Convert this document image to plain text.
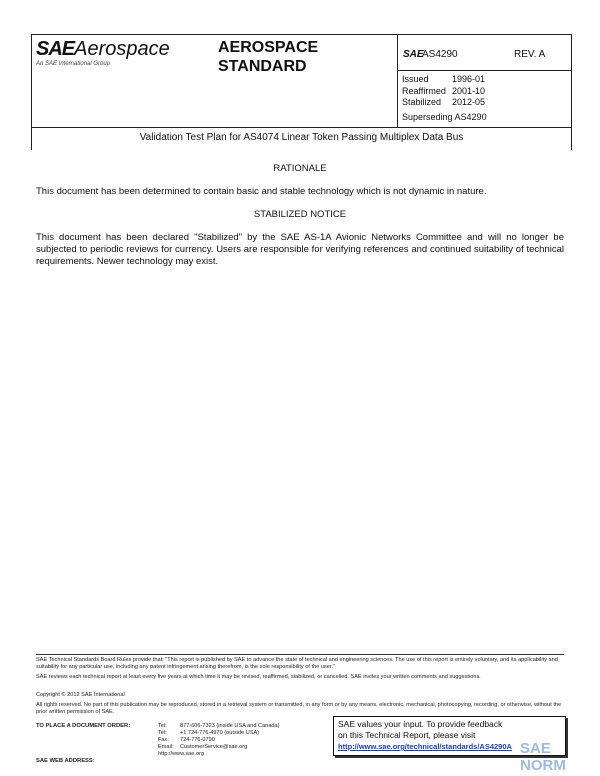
SAEAerospace
An SAE International Group
AEROSPACE
STANDARD
SAE
AS4290	REV. A
Issued	1996-01
Reaffirmed 2001-10
Stabilized 2012-05
Superseding AS4290
Validation Test Plan for AS4074 Linear Token Passing Multiplex Data Bus
RATIONALE
This document has been determined to contain basic and stable technology which is not dynamic in nature.
STABILIZED NOTICE
This document has been declared "Stabilized" by the SAE AS-1A Avionic Networks Committee and will no longer be subjected to periodic reviews for currency. Users are responsible for verifying references and continued suitability of technical requirements. Newer technology may exist.
SAE Technical Standards Board Rules provide that: "This report is published by SAE to advance the state of technical and engineering sciences. The use of this report is entirely voluntary, and its applicability and suitability for any particular use, including any patent infringement arising therefrom, is the sole responsibility of the user."
SAE reviews each technical report at least every five years at which time it may be revised, reaffirmed, stabilized, or cancelled. SAE invites your written comments and suggestions.
Copyright © 2012 SAE International
All rights reserved. No part of this publication may be reproduced, stored in a retrieval system or transmitted, in any form or by any means, electronic, mechanical, photocopying, recording, or otherwise, without the prior written permission of SAE.
TO PLACE A DOCUMENT ORDER:	Tel: 877-606-7323 (inside USA and Canada)
Tel: +1 724-776-4970 (outside USA)
Fax: 724-776-0790
Email: CustomerService@sae.org
http://www.sae.org
SAE WEB ADDRESS:
SAE values your input. To provide feedback
on this Technical Report, please visit
http://www.sae.org/technical/standards/AS4290A SAE NORM
